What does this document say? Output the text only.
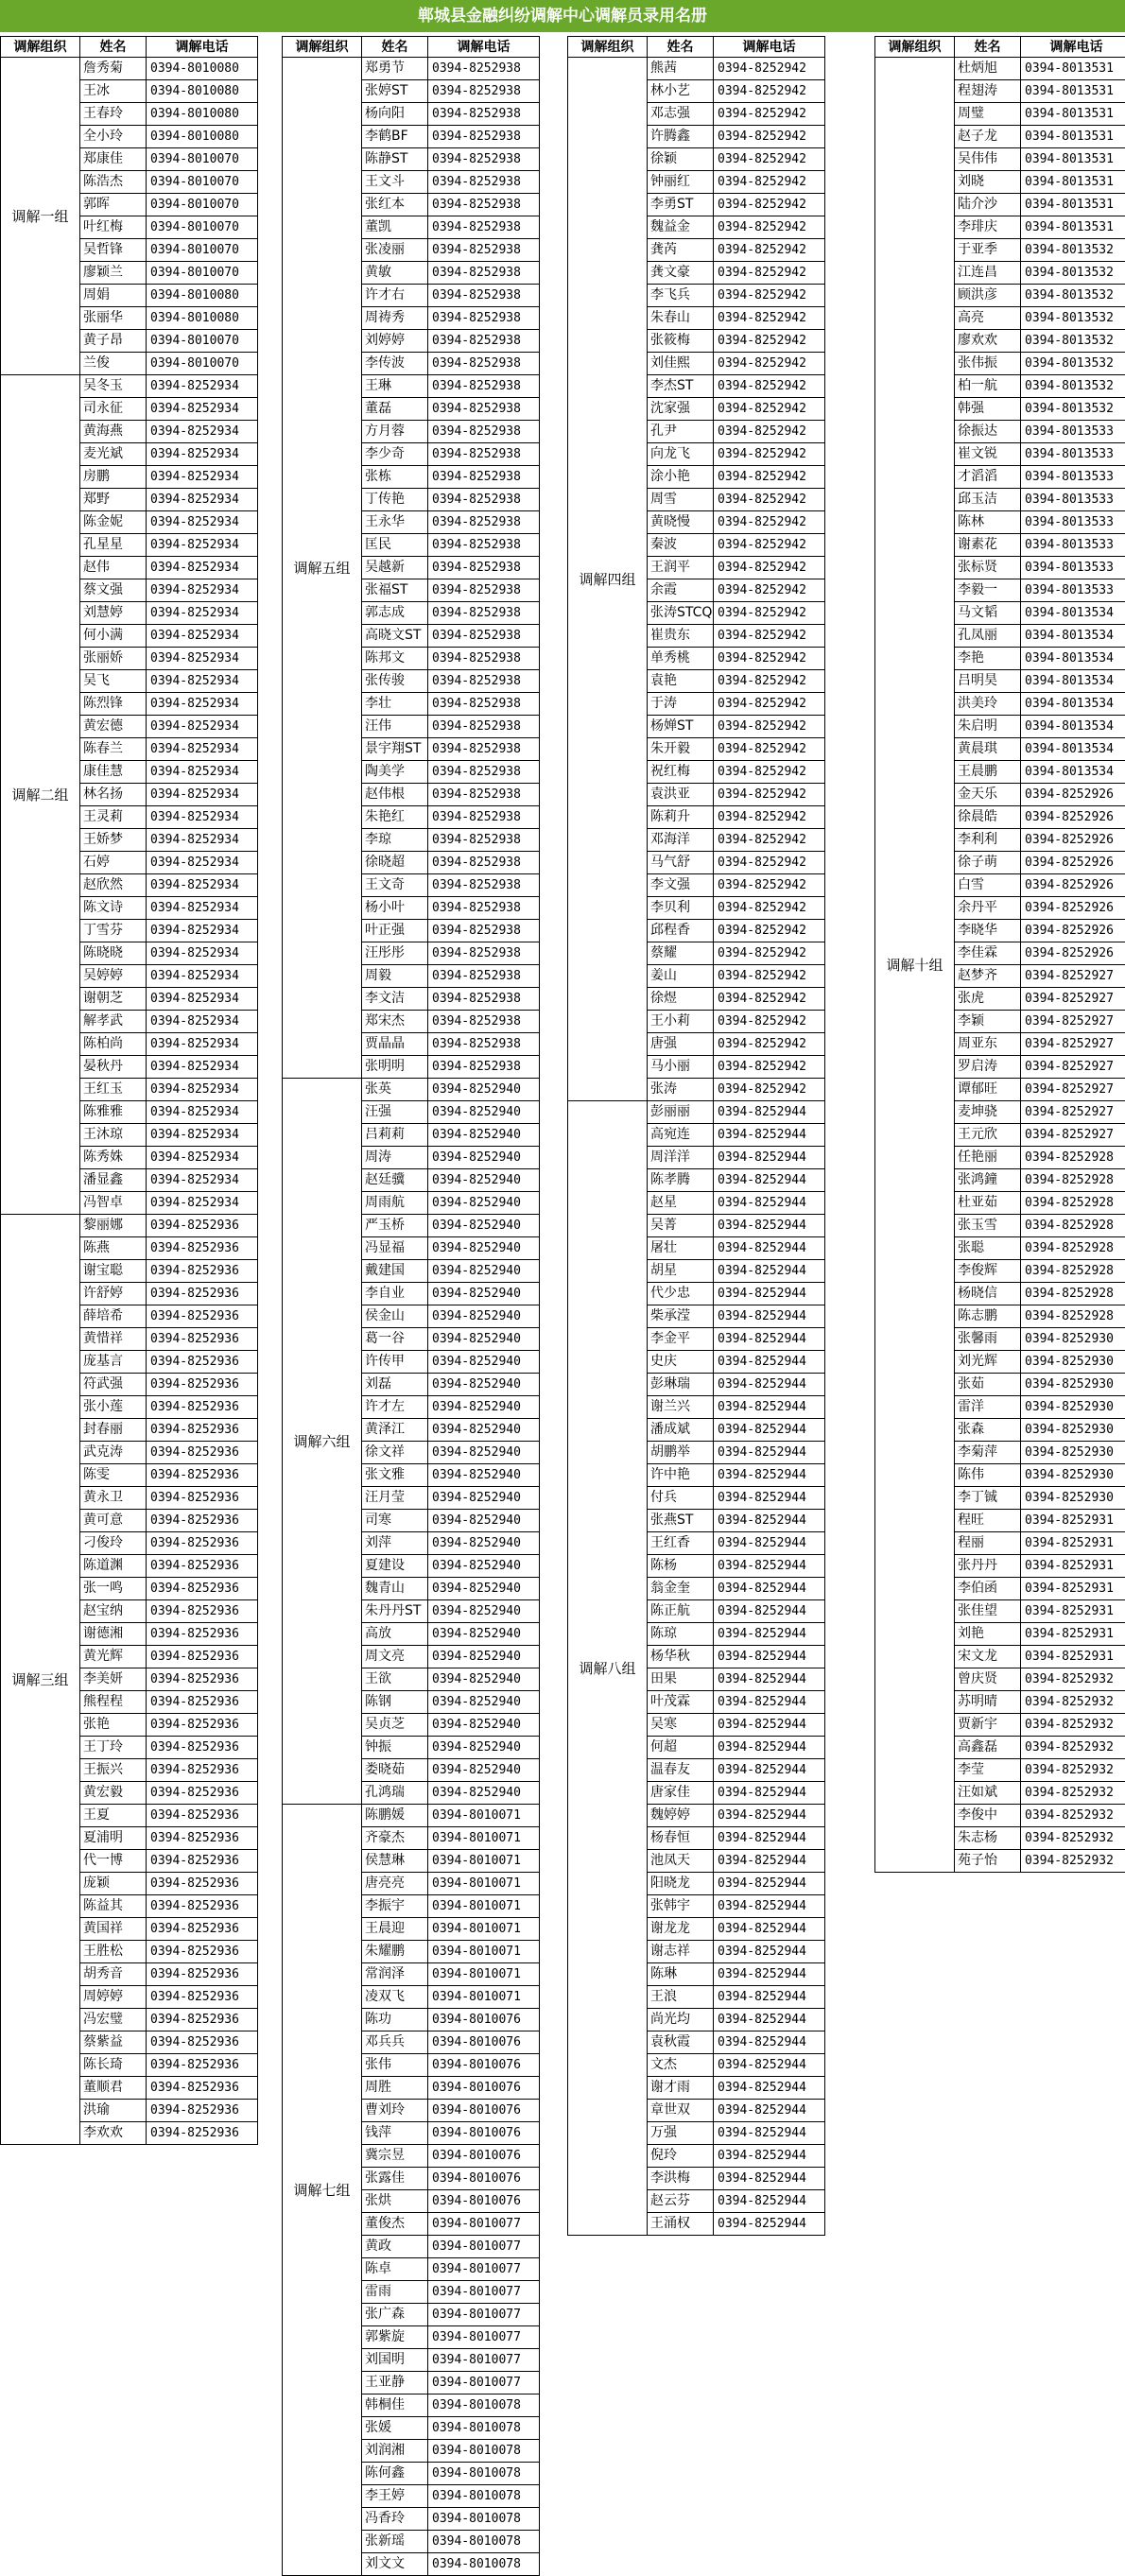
郸城县金融纠纷调解中心调解员录用名册
调解组织	姓名	调解电话
调解一组
詹秀菊	0394-8010080
王冰	0394-8010080
王春玲	0394-8010080
全小玲	0394-8010080
郑康佳	0394-8010070
陈浩杰	0394-8010070
郭晖	0394-8010070
叶红梅	0394-8010070
吴哲锋	0394-8010070
廖颖兰	0394-8010070
周娟	0394-8010080
张丽华	0394-8010080
黄子昂	0394-8010070
兰俊	0394-8010070
调解二组
吴冬玉	0394-8252934
司永征	0394-8252934
黄海燕	0394-8252934
麦光斌	0394-8252934
房鹏	0394-8252934
郑野	0394-8252934
陈金妮	0394-8252934
孔星星	0394-8252934
赵伟	0394-8252934
蔡文强	0394-8252934
刘慧婷	0394-8252934
何小满	0394-8252934
张丽娇	0394-8252934
吴飞	0394-8252934
陈烈锋	0394-8252934
黄宏德	0394-8252934
陈春兰	0394-8252934
康佳慧	0394-8252934
林名扬	0394-8252934
王灵莉	0394-8252934
王娇梦	0394-8252934
石婷	0394-8252934
赵欣然	0394-8252934
陈文诗	0394-8252934
丁雪芬	0394-8252934
陈晓晓	0394-8252934
吴婷婷	0394-8252934
谢朝芝	0394-8252934
解孝武	0394-8252934
陈柏尚	0394-8252934
晏秋丹	0394-8252934
王红玉	0394-8252934
陈雅雅	0394-8252934
王沐琼	0394-8252934
陈秀姝	0394-8252934
潘显鑫	0394-8252934
冯智卓	0394-8252934
调解三组
黎丽娜	0394-8252936
陈燕	0394-8252936
谢宝聪	0394-8252936
许舒婷	0394-8252936
薛培希	0394-8252936
黄惜祥	0394-8252936
庞基言	0394-8252936
符武强	0394-8252936
张小莲	0394-8252936
封春丽	0394-8252936
武克涛	0394-8252936
陈雯	0394-8252936
黄永卫	0394-8252936
黄可意	0394-8252936
刁俊玲	0394-8252936
陈道渊	0394-8252936
张一鸣	0394-8252936
赵宝纳	0394-8252936
谢德湘	0394-8252936
黄光辉	0394-8252936
李美妍	0394-8252936
熊程程	0394-8252936
张艳	0394-8252936
王丁玲	0394-8252936
王振兴	0394-8252936
黄宏毅	0394-8252936
王夏	0394-8252936
夏浦明	0394-8252936
代一博	0394-8252936
庞颖	0394-8252936
陈益其	0394-8252936
黄国祥	0394-8252936
王胜松	0394-8252936
胡秀音	0394-8252936
周婷婷	0394-8252936
冯宏璧	0394-8252936
蔡紫益	0394-8252936
陈长琦	0394-8252936
董顺君	0394-8252936
洪瑜	0394-8252936
李欢欢	0394-8252936
调解组织	姓名	调解电话
调解五组
郑勇节	0394-8252938
张婷ST	0394-8252938
杨向阳	0394-8252938
李鹤BF	0394-8252938
陈静ST	0394-8252938
王文斗	0394-8252938
张红本	0394-8252938
董凯	0394-8252938
张凌丽	0394-8252938
黄敏	0394-8252938
许才右	0394-8252938
周祷秀	0394-8252938
刘婷婷	0394-8252938
李传波	0394-8252938
王琳	0394-8252938
董磊	0394-8252938
方月蓉	0394-8252938
李少奇	0394-8252938
张栋	0394-8252938
丁传艳	0394-8252938
王永华	0394-8252938
匡民	0394-8252938
吴越新	0394-8252938
张福ST	0394-8252938
郭志成	0394-8252938
高晓文ST 0394-8252938
陈邦文	0394-8252938
张传骏	0394-8252938
李壮	0394-8252938
汪伟	0394-8252938
景宇翔ST 0394-8252938
陶美学	0394-8252938
赵伟根	0394-8252938
朱艳红	0394-8252938
李琼	0394-8252938
徐晓超	0394-8252938
王文奇	0394-8252938
杨小叶	0394-8252938
叶正强	0394-8252938
汪彤彤	0394-8252938
周毅	0394-8252938
李文洁	0394-8252938
郑宋杰	0394-8252938
贾晶晶	0394-8252938
张明明	0394-8252938
调解六组
张英	0394-8252940
汪强	0394-8252940
吕莉莉	0394-8252940
周涛	0394-8252940
赵廷骥	0394-8252940
周雨航	0394-8252940
严玉桥	0394-8252940
冯显福	0394-8252940
戴建国	0394-8252940
李自业	0394-8252940
侯金山	0394-8252940
葛一谷	0394-8252940
许传甲	0394-8252940
刘磊	0394-8252940
许才左	0394-8252940
黄泽江	0394-8252940
徐文祥	0394-8252940
张文雅	0394-8252940
汪月莹	0394-8252940
司寒	0394-8252940
刘萍	0394-8252940
夏建设	0394-8252940
魏青山	0394-8252940
朱丹丹ST 0394-8252940
高放	0394-8252940
周文亮	0394-8252940
王欲	0394-8252940
陈钢	0394-8252940
吴贞芝	0394-8252940
钟振	0394-8252940
娄晓茹	0394-8252940
孔鸿瑞	0394-8252940
调解七组
陈鹏媛	0394-8010071
齐豪杰	0394-8010071
侯慧琳	0394-8010071
唐亮亮	0394-8010071
李振宇	0394-8010071
王晨迎	0394-8010071
朱耀鹏	0394-8010071
常润泽	0394-8010071
凌双飞	0394-8010071
陈功	0394-8010076
邓兵兵	0394-8010076
张伟	0394-8010076
周胜	0394-8010076
曹刘玲	0394-8010076
钱萍	0394-8010076
冀宗昱	0394-8010076
张露佳	0394-8010076
张烘	0394-8010076
董俊杰	0394-8010077
黄政	0394-8010077
陈卓	0394-8010077
雷雨	0394-8010077
张广森	0394-8010077
郭紫旋	0394-8010077
刘国明	0394-8010077
王亚静	0394-8010077
韩桐佳	0394-8010078
张媛	0394-8010078
刘润湘	0394-8010078
陈何鑫	0394-8010078
李王婷	0394-8010078
冯香玲	0394-8010078
张新瑶	0394-8010078
刘文文	0394-8010078
调解组织	姓名	调解电话
调解四组
熊茜	0394-8252942
林小艺	0394-8252942
邓志强	0394-8252942
许腾鑫	0394-8252942
徐颖	0394-8252942
钟丽红	0394-8252942
李勇ST	0394-8252942
魏益金	0394-8252942
龚芮	0394-8252942
龚文豪	0394-8252942
李飞兵	0394-8252942
朱春山	0394-8252942
张筱梅	0394-8252942
刘佳熙	0394-8252942
李杰ST	0394-8252942
沈家强	0394-8252942
孔尹	0394-8252942
向龙飞	0394-8252942
涂小艳	0394-8252942
周雪	0394-8252942
黄晓慢	0394-8252942
秦波	0394-8252942
王润平	0394-8252942
余霞	0394-8252942
张涛STCQ 0394-8252942
崔贵东	0394-8252942
单秀桃	0394-8252942
袁艳	0394-8252942
于涛	0394-8252942
杨婵ST	0394-8252942
朱开毅	0394-8252942
祝红梅	0394-8252942
袁洪亚	0394-8252942
陈莉升	0394-8252942
邓海洋	0394-8252942
马气舒	0394-8252942
李文强	0394-8252942
李贝利	0394-8252942
邱程香	0394-8252942
蔡耀	0394-8252942
姜山	0394-8252942
徐煜	0394-8252942
王小莉	0394-8252942
唐强	0394-8252942
马小丽	0394-8252942
张涛	0394-8252942
调解八组
彭丽丽	0394-8252944
高宛连	0394-8252944
周洋洋	0394-8252944
陈孝腾	0394-8252944
赵星	0394-8252944
吴菁	0394-8252944
屠壮	0394-8252944
胡星	0394-8252944
代少忠	0394-8252944
柴承滢	0394-8252944
李金平	0394-8252944
史庆	0394-8252944
彭琳瑞	0394-8252944
谢兰兴	0394-8252944
潘成斌	0394-8252944
胡鹏举	0394-8252944
许中艳	0394-8252944
付兵	0394-8252944
张燕ST	0394-8252944
王红香	0394-8252944
陈杨	0394-8252944
翁金奎	0394-8252944
陈正航	0394-8252944
陈琼	0394-8252944
杨华秋	0394-8252944
田果	0394-8252944
叶茂霖	0394-8252944
吴寒	0394-8252944
何超	0394-8252944
温春友	0394-8252944
唐家佳	0394-8252944
魏婷婷	0394-8252944
杨春恒	0394-8252944
池凤天	0394-8252944
阳晓龙	0394-8252944
张韩宇	0394-8252944
谢龙龙	0394-8252944
谢志祥	0394-8252944
陈琳	0394-8252944
王浪	0394-8252944
尚光均	0394-8252944
袁秋霞	0394-8252944
文杰	0394-8252944
谢才雨	0394-8252944
章世双	0394-8252944
万强	0394-8252944
倪玲	0394-8252944
李洪梅	0394-8252944
赵云芬	0394-8252944
王涌权	0394-8252944
调解组织	姓名	调解电话
调解十组
杜炳旭	0394-8013531
程翅涛	0394-8013531
周璧	0394-8013531
赵子龙	0394-8013531
吴伟伟	0394-8013531
刘晓	0394-8013531
陆介沙	0394-8013531
李琲庆	0394-8013531
于亚季	0394-8013532
江连昌	0394-8013532
顾洪彦	0394-8013532
高亮	0394-8013532
廖欢欢	0394-8013532
张伟振	0394-8013532
柏一航	0394-8013532
韩强	0394-8013532
徐振达	0394-8013533
崔文锐	0394-8013533
才滔滔	0394-8013533
邱玉洁	0394-8013533
陈林	0394-8013533
谢素花	0394-8013533
张标贤	0394-8013533
李毅一	0394-8013533
马文韬	0394-8013534
孔凤丽	0394-8013534
李艳	0394-8013534
吕明昊	0394-8013534
洪美玲	0394-8013534
朱启明	0394-8013534
黄晨琪	0394-8013534
王晨鹏	0394-8013534
金天乐	0394-8252926
徐晨皓	0394-8252926
李利利	0394-8252926
徐子萌	0394-8252926
白雪	0394-8252926
余丹平	0394-8252926
李晓华	0394-8252926
李佳霖	0394-8252926
赵梦齐	0394-8252927
张虎	0394-8252927
李颖	0394-8252927
周亚东	0394-8252927
罗启涛	0394-8252927
谭郁旺	0394-8252927
麦坤骁	0394-8252927
王元欣	0394-8252927
任艳丽	0394-8252928
张鸿鐘	0394-8252928
杜亚茹	0394-8252928
张玉雪	0394-8252928
张聪	0394-8252928
李俊辉	0394-8252928
杨晓信	0394-8252928
陈志鹏	0394-8252928
张馨雨	0394-8252930
刘光辉	0394-8252930
张茹	0394-8252930
雷洋	0394-8252930
张森	0394-8252930
李菊萍	0394-8252930
陈伟	0394-8252930
李丁铖	0394-8252930
程旺	0394-8252931
程丽	0394-8252931
张丹丹	0394-8252931
李伯函	0394-8252931
张佳望	0394-8252931
刘艳	0394-8252931
宋文龙	0394-8252931
曾庆贤	0394-8252932
苏明晴	0394-8252932
贾新宇	0394-8252932
高鑫磊	0394-8252932
李莹	0394-8252932
汪如斌	0394-8252932
李俊中	0394-8252932
朱志杨	0394-8252932
苑子怡	0394-8252932
